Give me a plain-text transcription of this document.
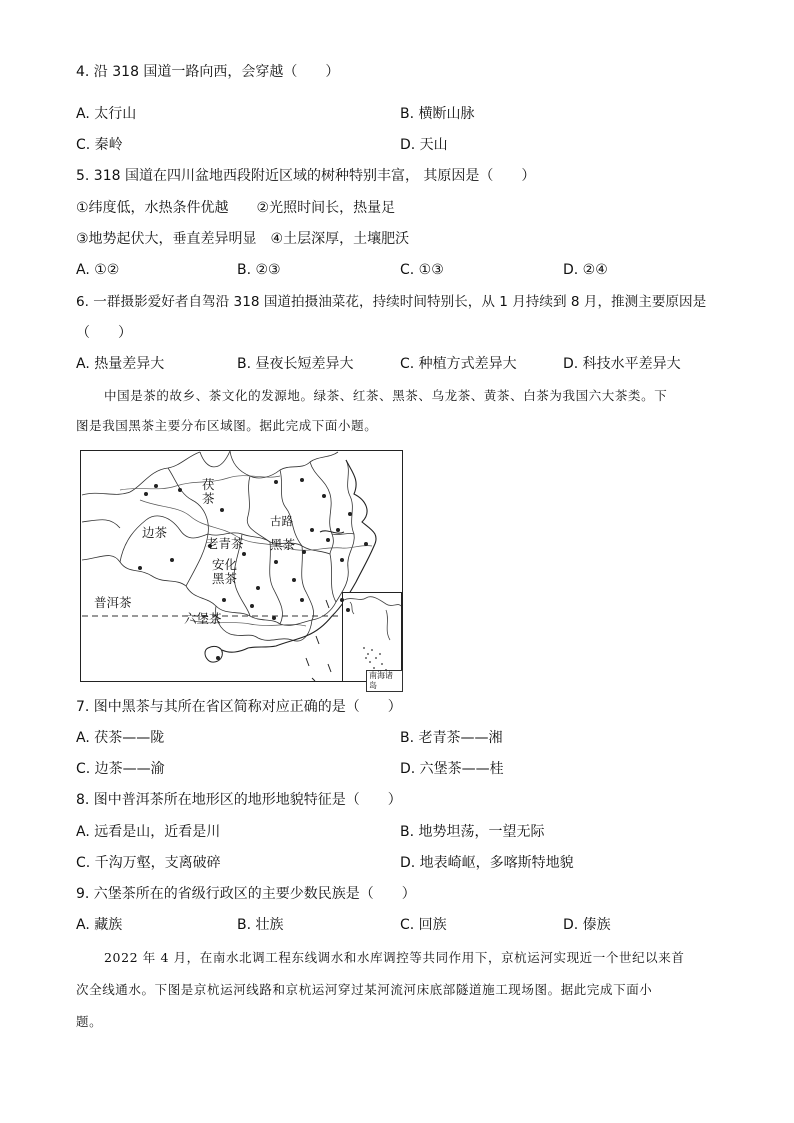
4. 沿 318 国道一路向西，会穿越（　　）
A. 太行山	B. 横断山脉
C. 秦岭	D. 天山
5. 318 国道在四川盆地西段附近区域的树种特别丰富， 其原因是（　　）
①纬度低，水热条件优越　　②光照时间长，热量足
③地势起伏大，垂直差异明显　④土层深厚，土壤肥沃
A. ①②	B. ②③	C. ①③	D. ②④
6. 一群摄影爱好者自驾沿 318 国道拍摄油菜花，持续时间特别长，从 1 月持续到 8 月，推测主要原因是
（　　）
A. 热量差异大	B. 昼夜长短差异大	C. 种植方式差异大	D. 科技水平差异大
中国是茶的故乡、茶文化的发源地。绿茶、红茶、黑茶、乌龙茶、黄茶、白茶为我国六大茶类。下
图是我国黑茶主要分布区域图。据此完成下面小题。
茯
茶
边茶
老青茶
古路
黑茶
安化
黑茶
普洱茶
六堡茶
南海诸岛
7. 图中黑茶与其所在省区简称对应正确的是（　　）
A. 茯茶——陇	B. 老青茶——湘
C. 边茶——渝	D. 六堡茶——桂
8. 图中普洱茶所在地形区的地形地貌特征是（　　）
A. 远看是山，近看是川	B. 地势坦荡，一望无际
C. 千沟万壑，支离破碎	D. 地表崎岖，多喀斯特地貌
9. 六堡茶所在的省级行政区的主要少数民族是（　　）
A. 藏族	B. 壮族	C. 回族	D. 傣族
2022 年 4 月，在南水北调工程东线调水和水库调控等共同作用下，京杭运河实现近一个世纪以来首
次全线通水。下图是京杭运河线路和京杭运河穿过某河流河床底部隧道施工现场图。据此完成下面小
题。
